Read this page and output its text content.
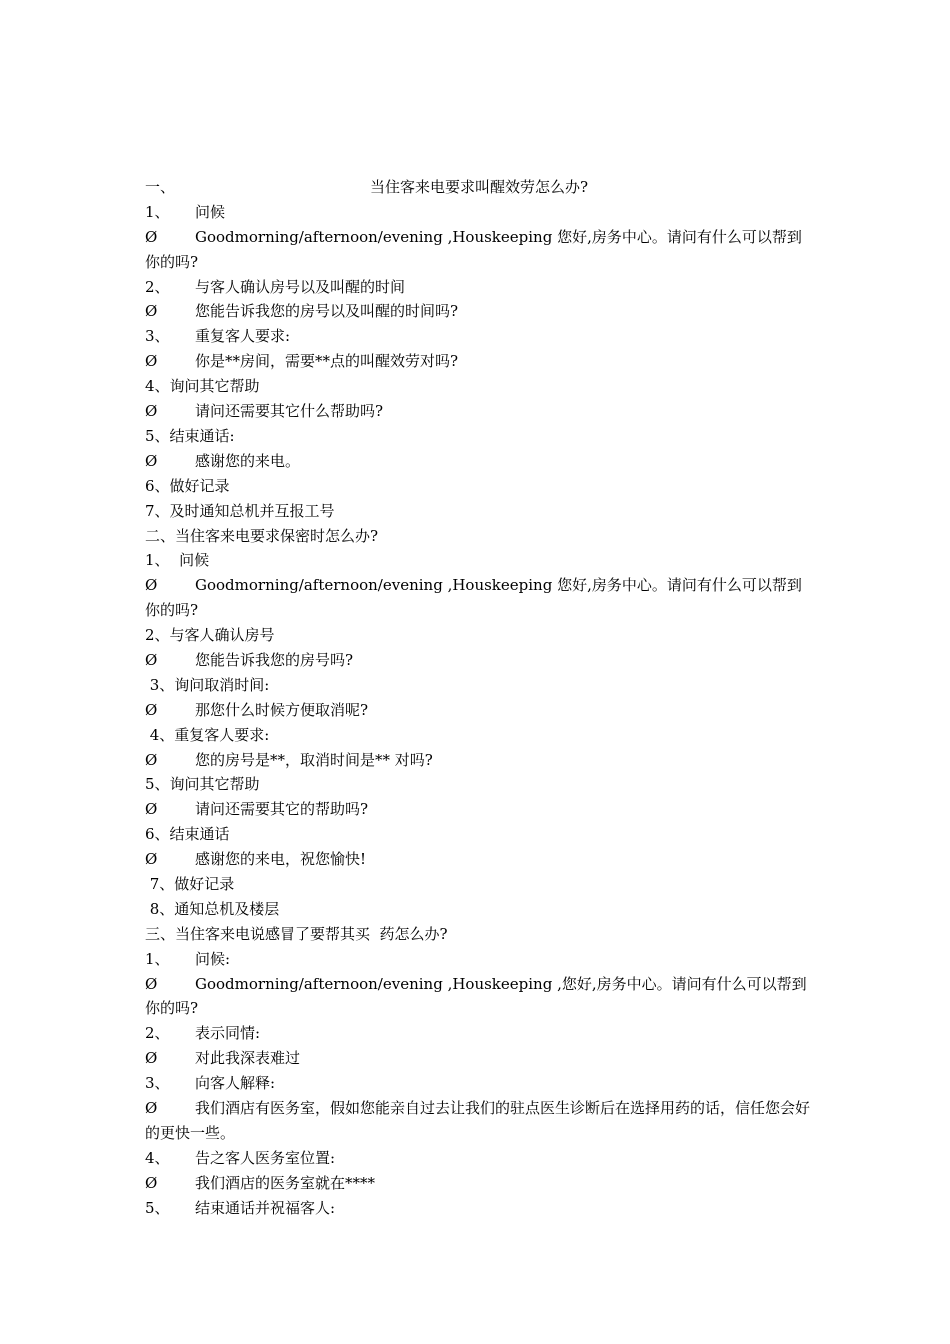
一、	当住客来电要求叫醒效劳怎么办?
1、 问候
Ø	Goodmorning/afternoon/evening ,Houskeeping 您好,房务中心。请问有什么可以帮到你的吗?
2、 与客人确认房号以及叫醒的时间
Ø	您能告诉我您的房号以及叫醒的时间吗?
3、 重复客人要求:
Ø	你是**房间，需要**点的叫醒效劳对吗?
4、询问其它帮助
Ø	请问还需要其它什么帮助吗?
5、结束通话:
Ø	感谢您的来电。
6、做好记录
7、及时通知总机并互报工号
二、当住客来电要求保密时怎么办?
1、  问候
Ø	Goodmorning/afternoon/evening ,Houskeeping 您好,房务中心。请问有什么可以帮到你的吗?
2、与客人确认房号
Ø	您能告诉我您的房号吗?
3、询问取消时间:
Ø	那您什么时候方便取消呢?
4、重复客人要求:
Ø	您的房号是**，取消时间是** 对吗?
5、询问其它帮助
Ø	请问还需要其它的帮助吗?
6、结束通话
Ø	感谢您的来电，祝您愉快!
7、做好记录
8、通知总机及楼层
三、当住客来电说感冒了要帮其买  药怎么办?
1、 问候:
Ø	Goodmorning/afternoon/evening ,Houskeeping ,您好,房务中心。请问有什么可以帮到你的吗?
2、 表示同情:
Ø	对此我深表难过
3、 向客人解释:
Ø	我们酒店有医务室，假如您能亲自过去让我们的驻点医生诊断后在选择用药的话，信任您会好的更快一些。
4、 告之客人医务室位置:
Ø	我们酒店的医务室就在****
5、 结束通话并祝福客人:
